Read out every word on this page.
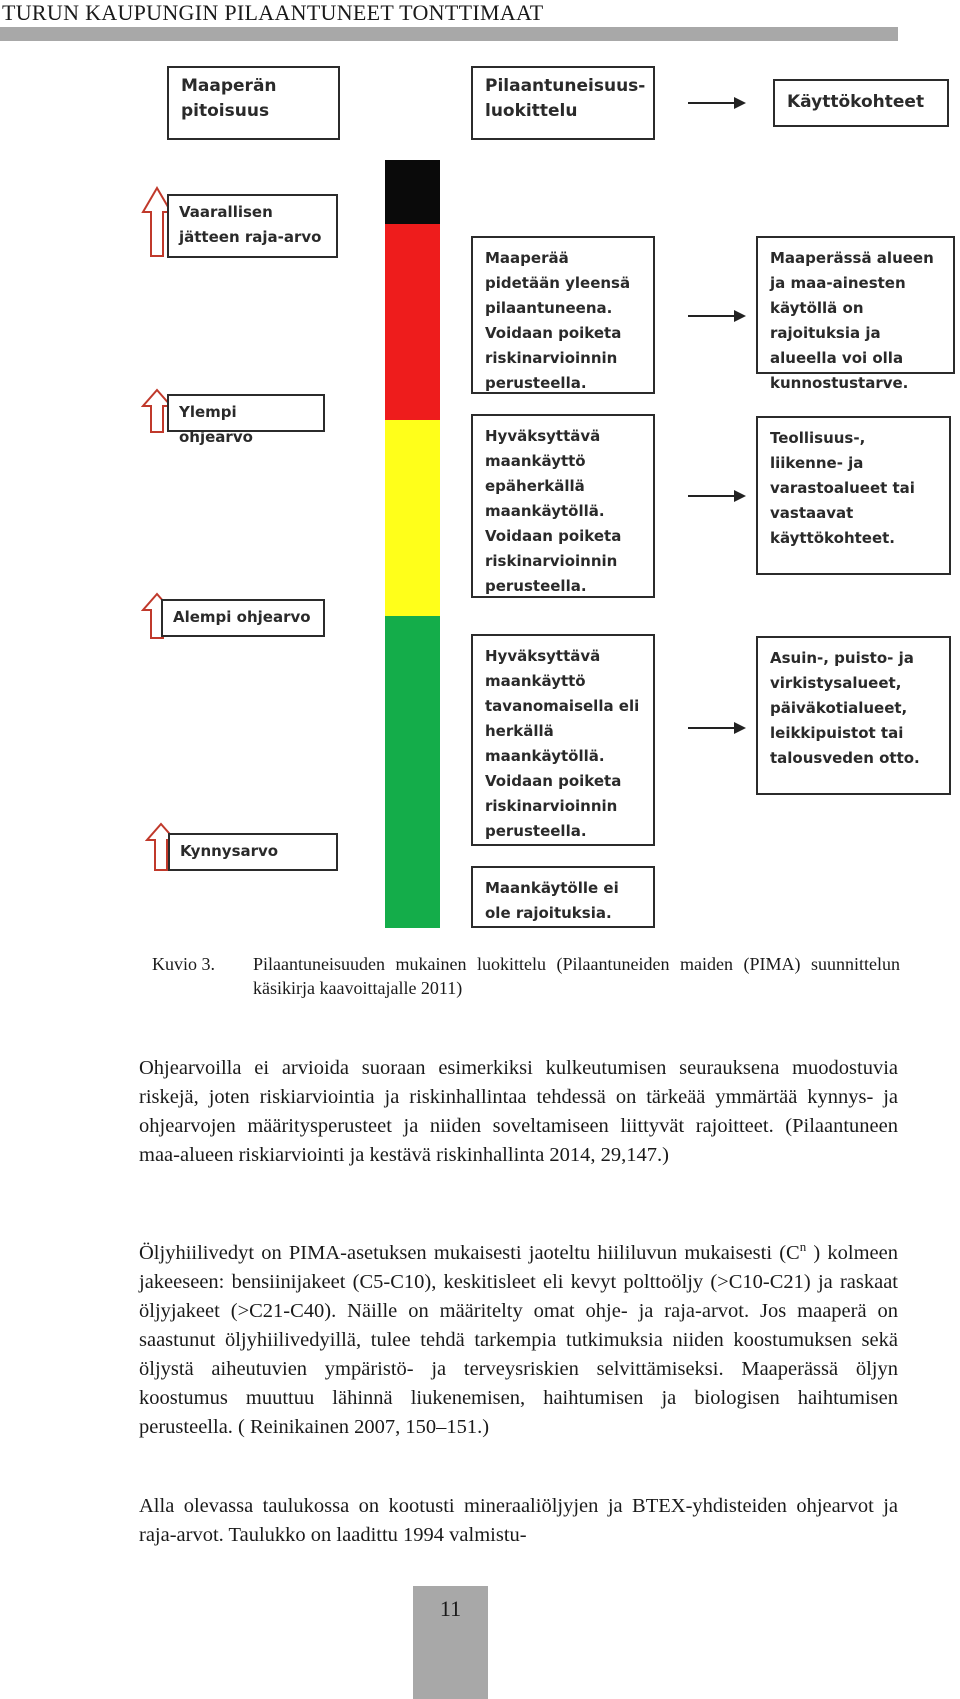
TURUN KAUPUNGIN PILAANTUNEET TONTTIMAAT
Maaperän pitoisuus
Pilaantuneisuus-luokittelu	Käyttökohteet
Vaarallisen jätteen raja-arvo
Ylempi ohjearvo
Alempi ohjearvo
Kynnysarvo
Maaperää pidetään yleensä pilaantuneena. Voidaan poiketa riskinarvioinnin perusteella.
Hyväksyttävä maankäyttö epäherkällä maankäytöllä. Voidaan poiketa riskinarvioinnin perusteella.
Hyväksyttävä maankäyttö tavanomaisella eli herkällä maankäytöllä. Voidaan poiketa riskinarvioinnin perusteella.
Maankäytölle ei ole rajoituksia.
Maaperässä alueen ja maa-ainesten käytöllä on rajoituksia ja alueella voi olla kunnostustarve.
Teollisuus-, liikenne- ja varastoalueet tai vastaavat käyttökohteet.
Asuin-, puisto- ja virkistysalueet, päiväkotialueet, leikkipuistot tai talousveden otto.
Kuvio 3. Pilaantuneisuuden mukainen luokittelu (Pilaantuneiden maiden (PIMA) suunnittelun käsikirja kaavoittajalle 2011)

Ohjearvoilla ei arvioida suoraan esimerkiksi kulkeutumisen seurauksena muodostuvia riskejä, joten riskiarviointia ja riskinhallintaa tehdessä on tärkeää ymmärtää kynnys- ja ohjearvojen määritysperusteet ja niiden soveltamiseen liittyvät rajoitteet. (Pilaantuneen maa-alueen riskiarviointi ja kestävä riskinhallinta 2014, 29,147.)

Öljyhiilivedyt on PIMA-asetuksen mukaisesti jaoteltu hiililuvun mukaisesti ($C^n$ ) kolmeen jakeeseen: bensiinijakeet (C5-C10), keskitisleet eli kevyt polttoöljy (>C10-C21) ja raskaat öljyjakeet (>C21-C40). Näille on määritelty omat ohje- ja raja-arvot. Jos maaperä on saastunut öljyhiilivedyillä, tulee tehdä tarkempia tutkimuksia niiden koostumuksen sekä öljystä aiheutuvien ympäristö- ja terveysriskien selvittämiseksi. Maaperässä öljyn koostumus muuttuu lähinnä liukenemisen, haihtumisen ja biologisen haihtumisen perusteella. ( Reinikainen 2007, 150–151.)

Alla olevassa taulukossa on kootusti mineraaliöljyjen ja BTEX-yhdisteiden ohjearvot ja raja-arvot. Taulukko on laadittu 1994 valmistu-

11
